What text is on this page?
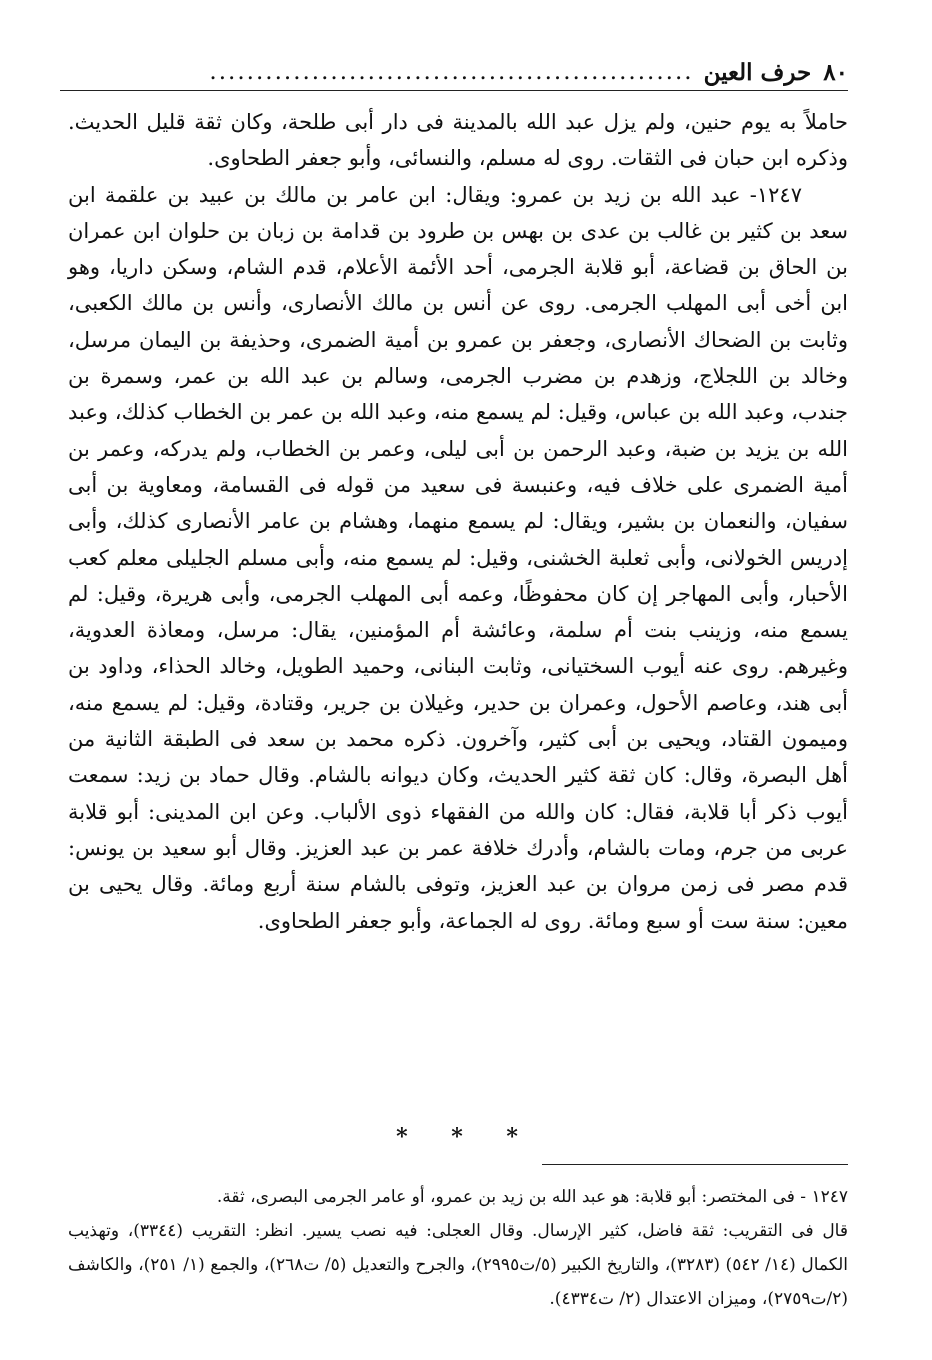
٨٠
حرف العين
....................................................

حاملاً به يوم حنين، ولم يزل عبد الله بالمدينة فى دار أبى طلحة، وكان ثقة قليل الحديث. وذكره ابن حبان فى الثقات. روى له مسلم، والنسائى، وأبو جعفر الطحاوى.

١٢٤٧- عبد الله بن زيد بن عمرو: ويقال: ابن عامر بن مالك بن عبيد بن علقمة ابن سعد بن كثير بن غالب بن عدى بن بهس بن طرود بن قدامة بن زبان بن حلوان ابن عمران بن الحاق بن قضاعة، أبو قلابة الجرمى، أحد الأئمة الأعلام، قدم الشام، وسكن داريا، وهو ابن أخى أبى المهلب الجرمى. روى عن أنس بن مالك الأنصارى، وأنس بن مالك الكعبى، وثابت بن الضحاك الأنصارى، وجعفر بن عمرو بن أمية الضمرى، وحذيفة بن اليمان مرسل، وخالد بن اللجلاج، وزهدم بن مضرب الجرمى، وسالم بن عبد الله بن عمر، وسمرة بن جندب، وعبد الله بن عباس، وقيل: لم يسمع منه، وعبد الله بن عمر بن الخطاب كذلك، وعبد الله بن يزيد بن ضبة، وعبد الرحمن بن أبى ليلى، وعمر بن الخطاب، ولم يدركه، وعمر بن أمية الضمرى على خلاف فيه، وعنبسة فى سعيد من قوله فى القسامة، ومعاوية بن أبى سفيان، والنعمان بن بشير، ويقال: لم يسمع منهما، وهشام بن عامر الأنصارى كذلك، وأبى إدريس الخولانى، وأبى ثعلبة الخشنى، وقيل: لم يسمع منه، وأبى مسلم الجليلى معلم كعب الأحبار، وأبى المهاجر إن كان محفوظًا، وعمه أبى المهلب الجرمى، وأبى هريرة، وقيل: لم يسمع منه، وزينب بنت أم سلمة، وعائشة أم المؤمنين، يقال: مرسل، ومعاذة العدوية، وغيرهم. روى عنه أيوب السختيانى، وثابت البنانى، وحميد الطويل، وخالد الحذاء، وداود بن أبى هند، وعاصم الأحول، وعمران بن حدير، وغيلان بن جرير، وقتادة، وقيل: لم يسمع منه، وميمون القتاد، ويحيى بن أبى كثير، وآخرون. ذكره محمد بن سعد فى الطبقة الثانية من أهل البصرة، وقال: كان ثقة كثير الحديث، وكان ديوانه بالشام. وقال حماد بن زيد: سمعت أيوب ذكر أبا قلابة، فقال: كان والله من الفقهاء ذوى الألباب. وعن ابن المدينى: أبو قلابة عربى من جرم، ومات بالشام، وأدرك خلافة عمر بن عبد العزيز. وقال أبو سعيد بن يونس: قدم مصر فى زمن مروان بن عبد العزيز، وتوفى بالشام سنة أربع ومائة. وقال يحيى بن معين: سنة ست أو سبع ومائة. روى له الجماعة، وأبو جعفر الطحاوى.

* * *

١٢٤٧ - فى المختصر: أبو قلابة: هو عبد الله بن زيد بن عمرو، أو عامر الجرمى البصرى، ثقة.

قال فى التقريب: ثقة فاضل، كثير الإرسال. وقال العجلى: فيه نصب يسير. انظر: التقريب (٣٣٤٤)، وتهذيب الكمال (١٤/ ٥٤٢) (٣٢٨٣)، والتاريخ الكبير (٥/ت٢٩٩٥)، والجرح والتعديل (٥/ ت٢٦٨)، والجمع (١/ ٢٥١)، والكاشف (٢/ت٢٧٥٩)، وميزان الاعتدال (٢/ ت٤٣٣٤).
